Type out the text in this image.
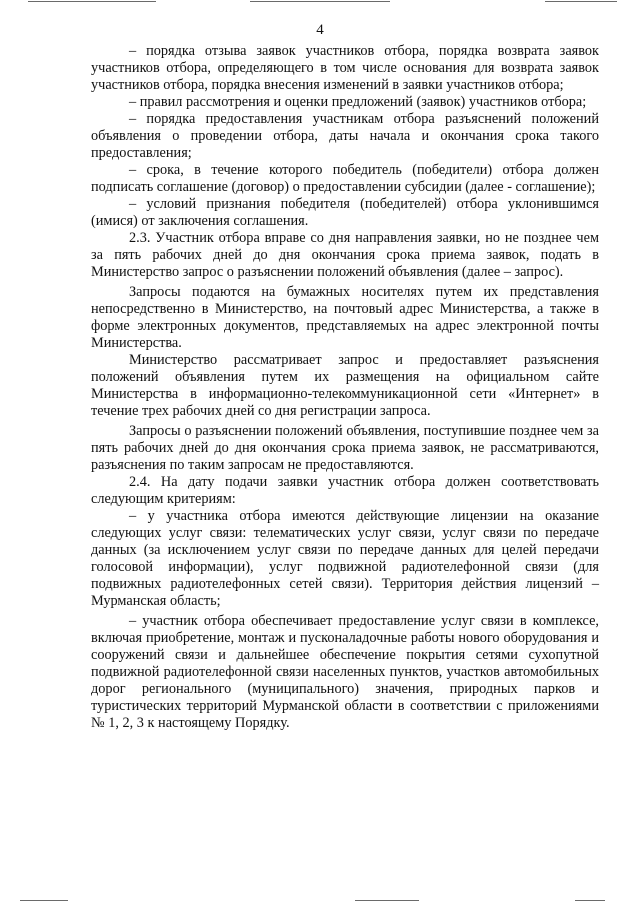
4

– порядка отзыва заявок участников отбора, порядка возврата заявок участников отбора, определяющего в том числе основания для возврата заявок участников отбора, порядка внесения изменений в заявки участников отбора;

– правил рассмотрения и оценки предложений (заявок) участников отбора;

– порядка предоставления участникам отбора разъяснений положений объявления о проведении отбора, даты начала и окончания срока такого предоставления;

– срока, в течение которого победитель (победители) отбора должен подписать соглашение (договор) о предоставлении субсидии (далее - соглашение);

– условий признания победителя (победителей) отбора уклонившимся (имися) от заключения соглашения.

2.3. Участник отбора вправе со дня направления заявки, но не позднее чем за пять рабочих дней до дня окончания срока приема заявок, подать в Министерство запрос о разъяснении положений объявления (далее – запрос).

Запросы подаются на бумажных носителях путем их представления непосредственно в Министерство, на почтовый адрес Министерства, а также в форме электронных документов, представляемых на адрес электронной почты Министерства.

Министерство рассматривает запрос и предоставляет разъяснения положений объявления путем их размещения на официальном сайте Министерства в информационно-телекоммуникационной сети «Интернет» в течение трех рабочих дней со дня регистрации запроса.

Запросы о разъяснении положений объявления, поступившие позднее чем за пять рабочих дней до дня окончания срока приема заявок, не рассматриваются, разъяснения по таким запросам не предоставляются.

2.4. На дату подачи заявки участник отбора должен соответствовать следующим критериям:

– у участника отбора имеются действующие лицензии на оказание следующих услуг связи: телематических услуг связи, услуг связи по передаче данных (за исключением услуг связи по передаче данных для целей передачи голосовой информации), услуг подвижной радиотелефонной связи (для подвижных радиотелефонных сетей связи). Территория действия лицензий – Мурманская область;

– участник отбора обеспечивает предоставление услуг связи в комплексе, включая приобретение, монтаж и пусконаладочные работы нового оборудования и сооружений связи и дальнейшее обеспечение покрытия сетями сухопутной подвижной радиотелефонной связи населенных пунктов, участков автомобильных дорог регионального (муниципального) значения, природных парков и туристических территорий Мурманской области в соответствии с приложениями № 1, 2, 3 к настоящему Порядку.
